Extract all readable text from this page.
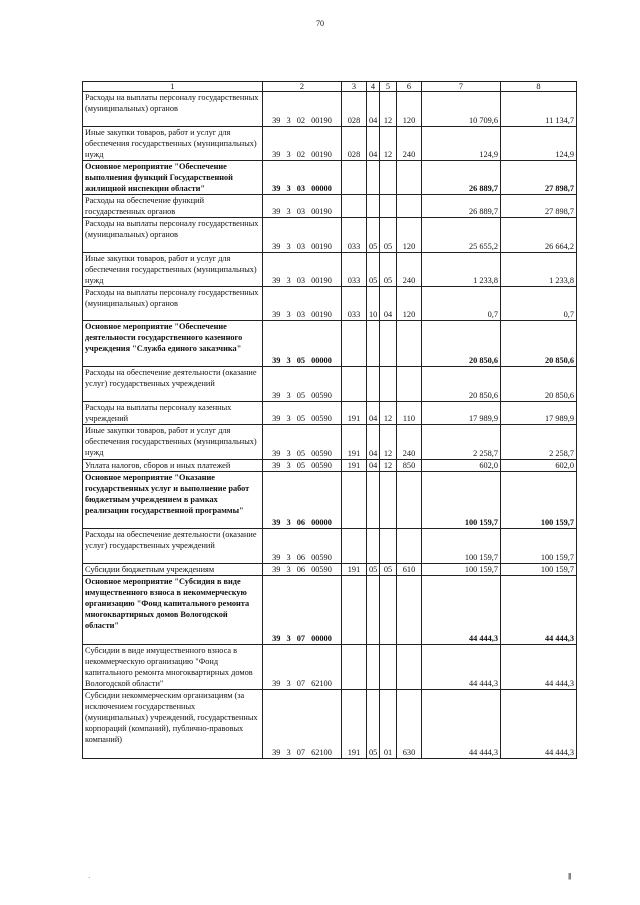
70
1	2	3	4	5	6	7	8
Расходы на выплаты персоналу государственных (муниципальных) органов	39 3 02 00190	028	04	12	120	10 709,6	11 134,7
Иные закупки товаров, работ и услуг для обеспечения государственных (муниципальных) нужд	39 3 02 00190	028	04	12	240	124,9	124,9
Основное мероприятие "Обеспечение выполнения функций Государственной жилищной инспекции области"	39 3 03 00000					26 889,7	27 898,7
Расходы на обеспечение функций государственных органов	39 3 03 00190					26 889,7	27 898,7
Расходы на выплаты персоналу государственных (муниципальных) органов	39 3 03 00190	033	05	05	120	25 655,2	26 664,2
Иные закупки товаров, работ и услуг для обеспечения государственных (муниципальных) нужд	39 3 03 00190	033	05	05	240	1 233,8	1 233,8
Расходы на выплаты персоналу государственных (муниципальных) органов	39 3 03 00190	033	10	04	120	0,7	0,7
Основное мероприятие "Обеспечение деятельности государственного казенного учреждения "Служба единого заказчика"	39 3 05 00000					20 850,6	20 850,6
Расходы на обеспечение деятельности (оказание услуг) государственных учреждений	39 3 05 00590					20 850,6	20 850,6
Расходы на выплаты персоналу казенных учреждений	39 3 05 00590	191	04	12	110	17 989,9	17 989,9
Иные закупки товаров, работ и услуг для обеспечения государственных (муниципальных) нужд	39 3 05 00590	191	04	12	240	2 258,7	2 258,7
Уплата налогов, сборов и иных платежей	39 3 05 00590	191	04	12	850	602,0	602,0
Основное мероприятие "Оказание государственных услуг и выполнение работ бюджетным учреждением в рамках реализации государственной программы"	39 3 06 00000					100 159,7	100 159,7
Расходы на обеспечение деятельности (оказание услуг) государственных учреждений	39 3 06 00590					100 159,7	100 159,7
Субсидии бюджетным учреждениям	39 3 06 00590	191	05	05	610	100 159,7	100 159,7
Основное мероприятие "Субсидия в виде имущественного взноса в некоммерческую организацию "Фонд капитального ремонта многоквартирных домов Вологодской области"	39 3 07 00000					44 444,3	44 444,3
Субсидии в виде имущественного взноса в некоммерческую организацию "Фонд капитального ремонта многоквартирных домов Вологодской области"	39 3 07 62100					44 444,3	44 444,3
Субсидии некоммерческим организациям (за исключением государственных (муниципальных) учреждений, государственных корпораций (компаний), публично-правовых компаний)	39 3 07 62100	191	05	01	630	44 444,3	44 444,3
·	||||||
